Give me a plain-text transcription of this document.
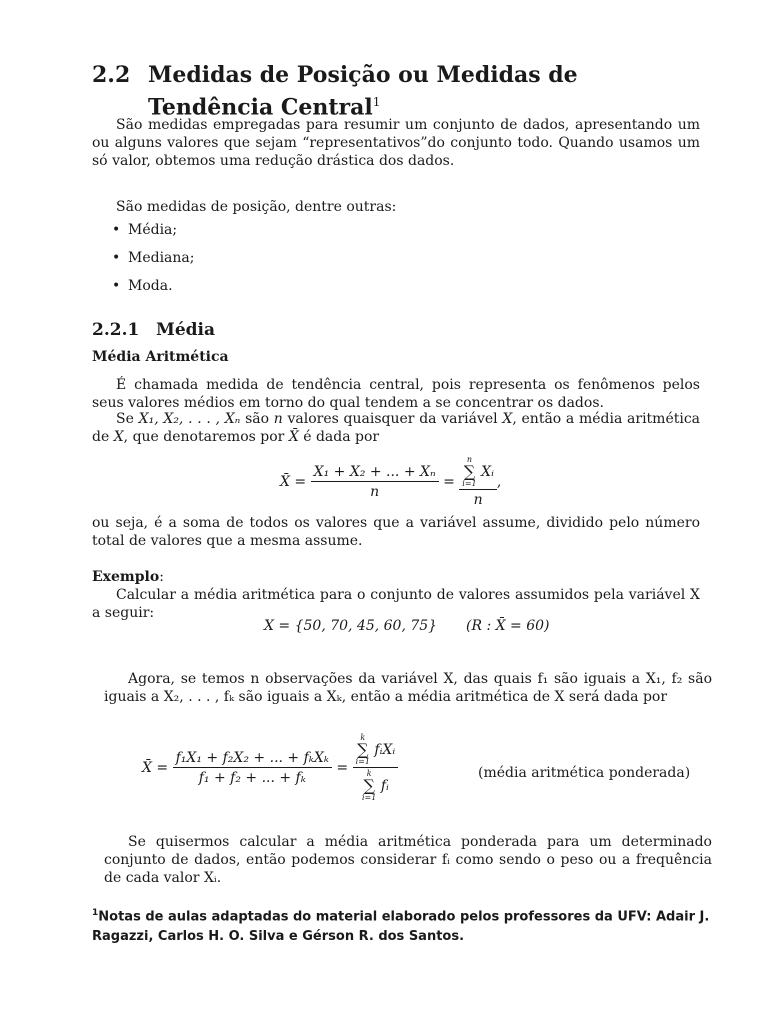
2.2 Medidas de Posição ou Medidas de Tendência Central$^1$

São medidas empregadas para resumir um conjunto de dados, apresentando um ou alguns valores que sejam “representativos”do conjunto todo. Quando usamos um só valor, obtemos uma redução drástica dos dados.

São medidas de posição, dentre outras:

• Média;
• Mediana;
• Moda.
2.2.1 Média
Média Aritmética

É chamada medida de tendência central, pois representa os fenômenos pelos seus valores médios em torno do qual tendem a se concentrar os dados.

Se X₁, X₂, . . . , Xₙ são n valores quaisquer da variável X, então a média aritmética de X, que denotaremos por X̄ é dada por

X̄ = $\frac{\text{X₁ + X₂ + ... + Xₙ}}{n} = n$
∑
i=1
Xᵢ
n ,

ou seja, é a soma de todos os valores que a variável assume, dividido pelo número total de valores que a mesma assume.

Exemplo:

Calcular a média aritmética para o conjunto de valores assumidos pela variável X a seguir:

X = {50, 70, 45, 60, 75} (R : X̄ = 60)

Agora, se temos n observações da variável X, das quais f₁ são iguais a X₁, f₂ são iguais a X₂, . . . , fₖ são iguais a Xₖ, então a média aritmética de X será dada por

X̄ = $\frac{\text{f₁X₁ + f₂X₂ + ... + fₖXₖ}}{\text{f₁ + f₂ + ... + fₖ}} = k$
∑
i=1
fᵢXᵢ
k
∑
i=1
fᵢ	(média aritmética ponderada)

Se quisermos calcular a média aritmética ponderada para um determinado conjunto de dados, então podemos considerar fᵢ como sendo o peso ou a frequência de cada valor Xᵢ.

$^1$Notas de aulas adaptadas do material elaborado pelos professores da UFV: Adair J. Ragazzi, Carlos H. O. Silva e Gérson R. dos Santos.
